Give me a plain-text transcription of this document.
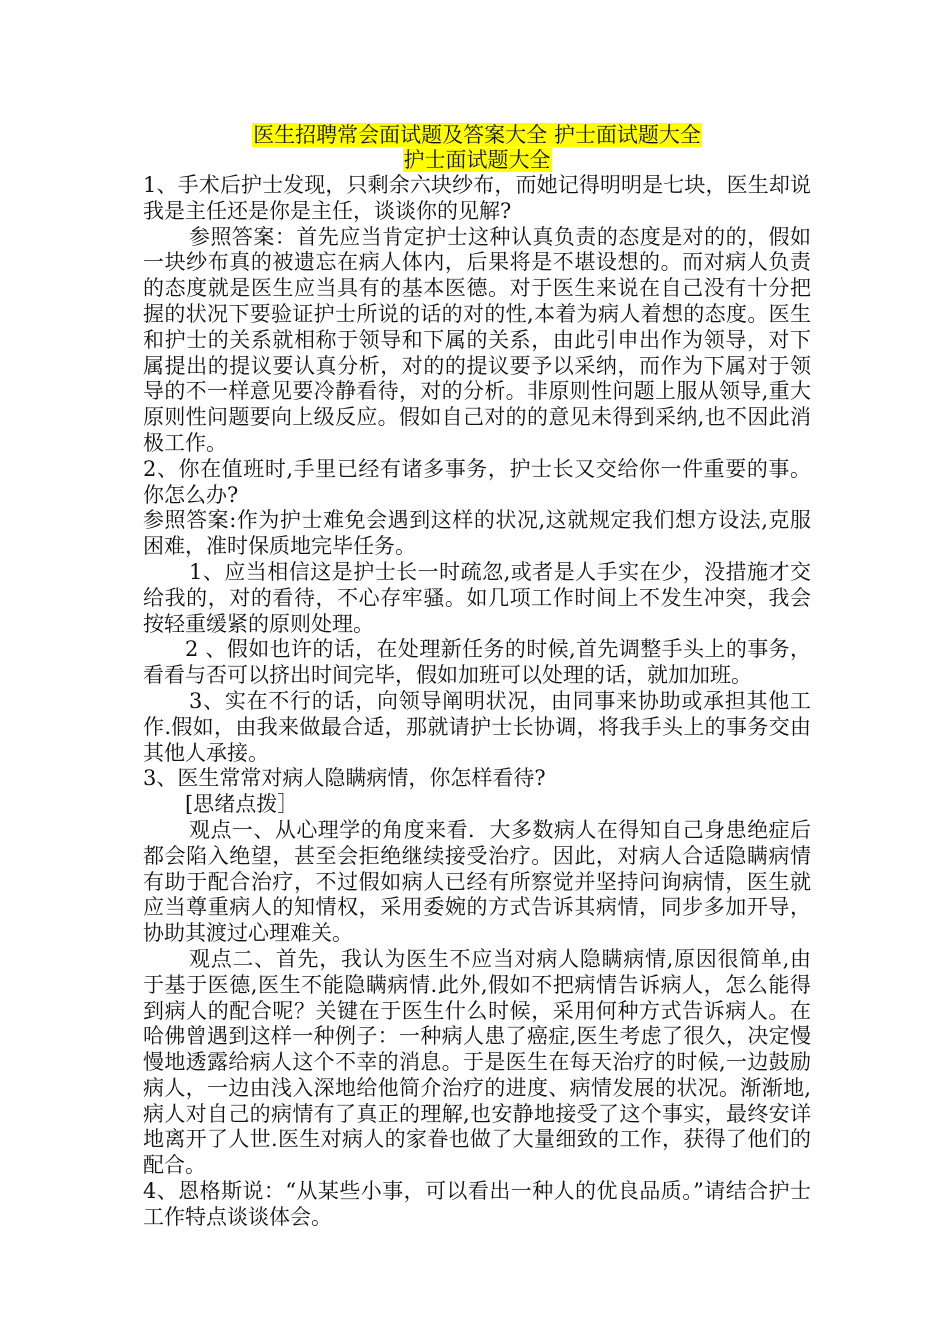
医生招聘常会面试题及答案大全 护士面试题大全
护士面试题大全

1、手术后护士发现，只剩余六块纱布，而她记得明明是七块，医生却说我是主任还是你是主任，谈谈你的见解?

参照答案：首先应当肯定护士这种认真负责的态度是对的的，假如一块纱布真的被遗忘在病人体内，后果将是不堪设想的。而对病人负责的态度就是医生应当具有的基本医德。对于医生来说在自己没有十分把握的状况下要验证护士所说的话的对的性,本着为病人着想的态度。医生和护士的关系就相称于领导和下属的关系，由此引申出作为领导，对下属提出的提议要认真分析，对的的提议要予以采纳，而作为下属对于领导的不一样意见要冷静看待，对的分析。非原则性问题上服从领导,重大原则性问题要向上级反应。假如自己对的的意见未得到采纳,也不因此消极工作。

2、你在值班时,手里已经有诸多事务，护士长又交给你一件重要的事。你怎么办?

参照答案:作为护士难免会遇到这样的状况,这就规定我们想方设法,克服困难，准时保质地完毕任务。

1、应当相信这是护士长一时疏忽,或者是人手实在少，没措施才交给我的，对的看待，不心存牢骚。如几项工作时间上不发生冲突，我会按轻重缓紧的原则处理。

2 、假如也许的话，在处理新任务的时候,首先调整手头上的事务，看看与否可以挤出时间完毕，假如加班可以处理的话，就加加班。

3、实在不行的话，向领导阐明状况，由同事来协助或承担其他工作.假如，由我来做最合适，那就请护士长协调，将我手头上的事务交由其他人承接。

3、医生常常对病人隐瞒病情，你怎样看待?

[思绪点拨］

观点一、从心理学的角度来看．大多数病人在得知自己身患绝症后都会陷入绝望，甚至会拒绝继续接受治疗。因此，对病人合适隐瞒病情有助于配合治疗，不过假如病人已经有所察觉并坚持问询病情，医生就应当尊重病人的知情权，采用委婉的方式告诉其病情，同步多加开导，协助其渡过心理难关。

观点二、首先，我认为医生不应当对病人隐瞒病情,原因很简单,由于基于医德,医生不能隐瞒病情.此外,假如不把病情告诉病人，怎么能得到病人的配合呢？关键在于医生什么时候，采用何种方式告诉病人。在哈佛曾遇到这样一种例子：一种病人患了癌症,医生考虑了很久，决定慢慢地透露给病人这个不幸的消息。于是医生在每天治疗的时候,一边鼓励病人，一边由浅入深地给他简介治疗的进度、病情发展的状况。渐渐地,病人对自己的病情有了真正的理解,也安静地接受了这个事实，最终安详地离开了人世.医生对病人的家眷也做了大量细致的工作，获得了他们的配合。

4、恩格斯说：“从某些小事，可以看出一种人的优良品质。”请结合护士工作特点谈谈体会。
